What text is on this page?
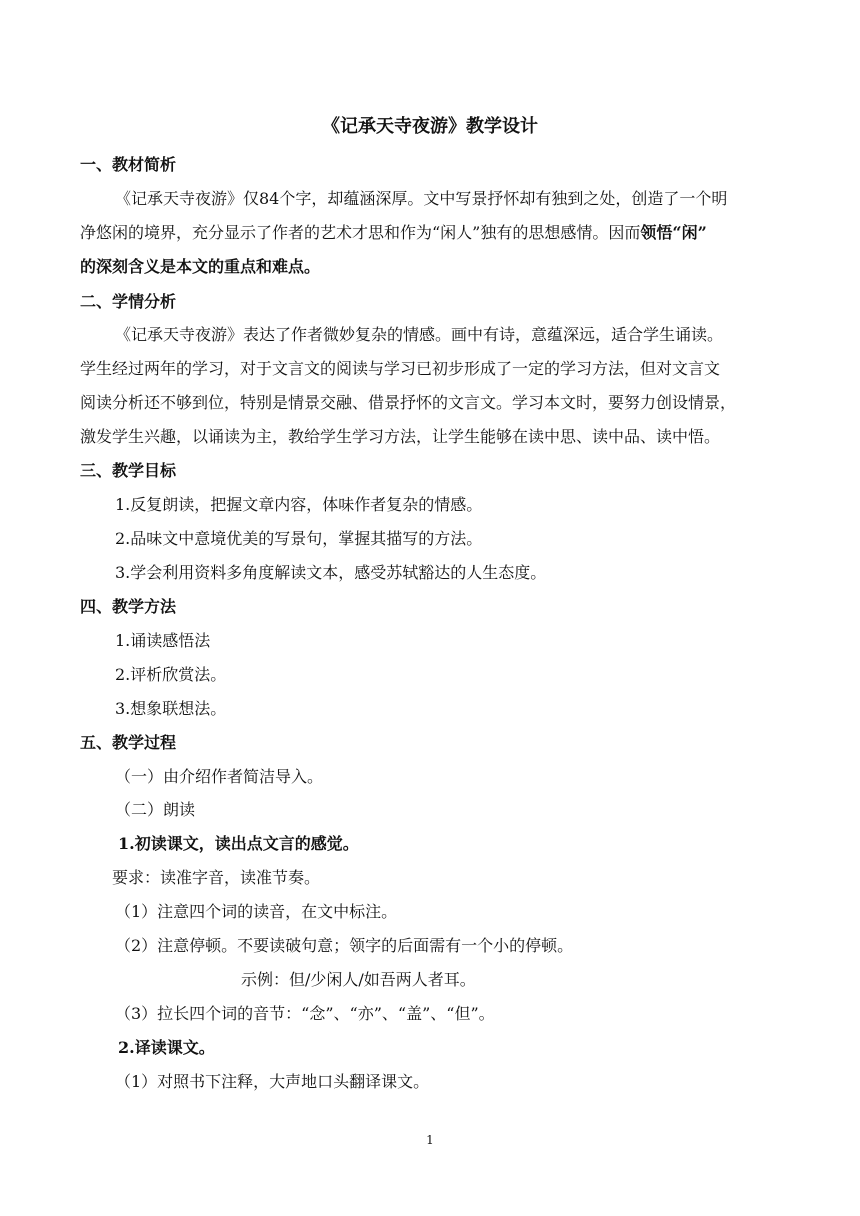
《记承天寺夜游》教学设计
一、教材简析
《记承天寺夜游》仅84个字，却蕴涵深厚。文中写景抒怀却有独到之处，创造了一个明
净悠闲的境界，充分显示了作者的艺术才思和作为“闲人”独有的思想感情。因而领悟“闲”
的深刻含义是本文的重点和难点。
二、学情分析
《记承天寺夜游》表达了作者微妙复杂的情感。画中有诗，意蕴深远，适合学生诵读。
学生经过两年的学习，对于文言文的阅读与学习已初步形成了一定的学习方法，但对文言文
阅读分析还不够到位，特别是情景交融、借景抒怀的文言文。学习本文时，要努力创设情景，
激发学生兴趣，以诵读为主，教给学生学习方法，让学生能够在读中思、读中品、读中悟。
三、教学目标
1.反复朗读，把握文章内容，体味作者复杂的情感。
2.品味文中意境优美的写景句，掌握其描写的方法。
3.学会利用资料多角度解读文本，感受苏轼豁达的人生态度。
四、教学方法
1.诵读感悟法
2.评析欣赏法。
3.想象联想法。
五、教学过程
（一）由介绍作者简洁导入。
（二）朗读
1.初读课文，读出点文言的感觉。
要求：读准字音，读准节奏。
（1）注意四个词的读音，在文中标注。
（2）注意停顿。不要读破句意；领字的后面需有一个小的停顿。
示例：但/少闲人/如吾两人者耳。
（3）拉长四个词的音节：“念”、“亦”、“盖”、“但”。
2.译读课文。
（1）对照书下注释，大声地口头翻译课文。
1
